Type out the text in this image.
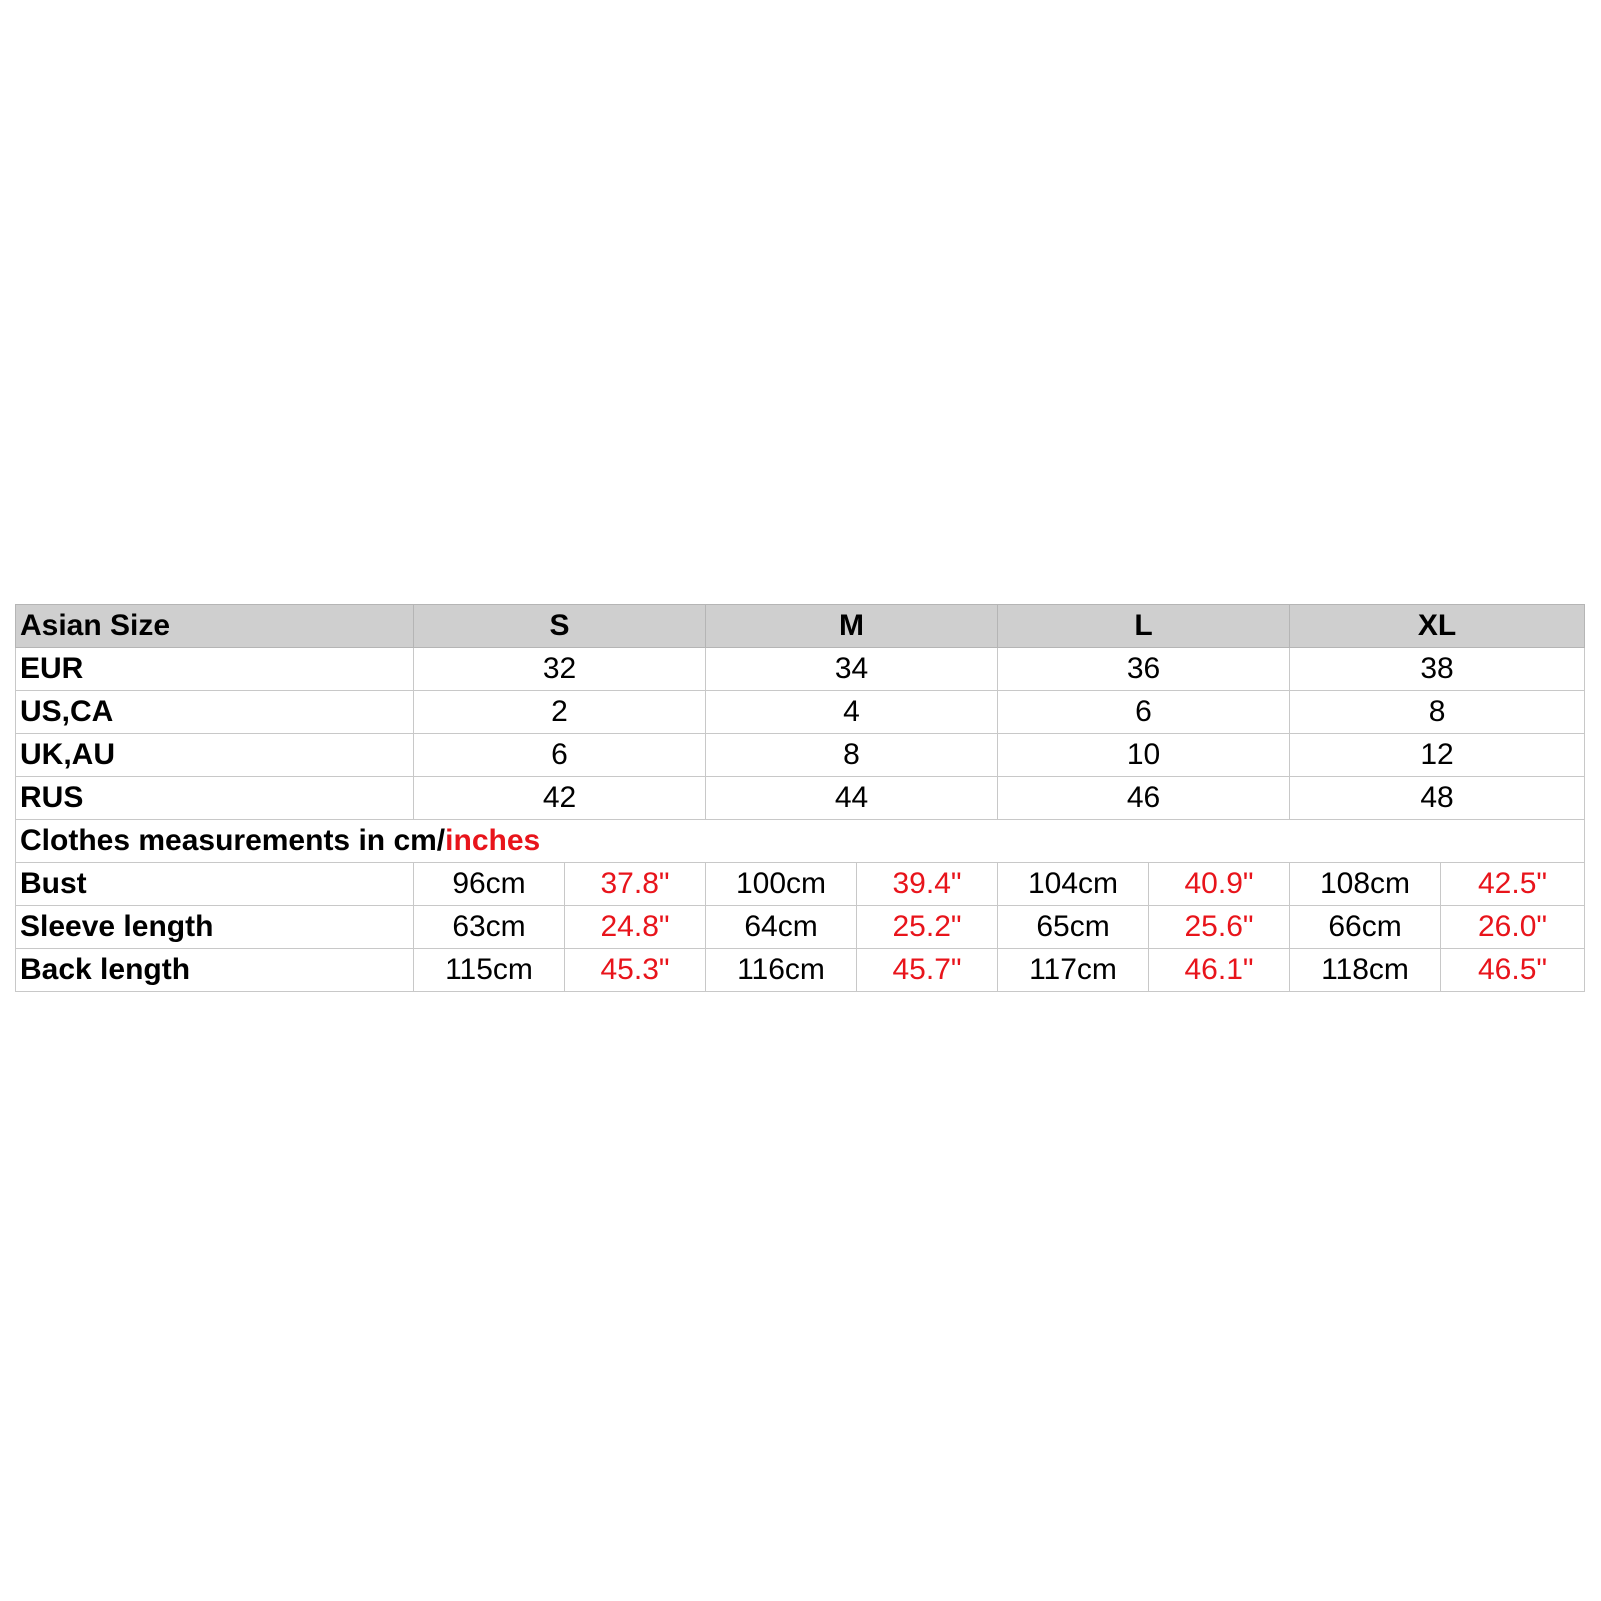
Asian Size	S		M		L		XL	
EUR	32		34		36		38	
US,CA	2		4		6		8	
UK,AU	6		8		10		12	
RUS	42		44		46		48	
Clothes measurements in cm/inches								
Bust	96cm	37.8"	100cm	39.4"	104cm	40.9"	108cm	42.5"
Sleeve length	63cm	24.8"	64cm	25.2"	65cm	25.6"	66cm	26.0"
Back length	115cm	45.3"	116cm	45.7"	117cm	46.1"	118cm	46.5"
